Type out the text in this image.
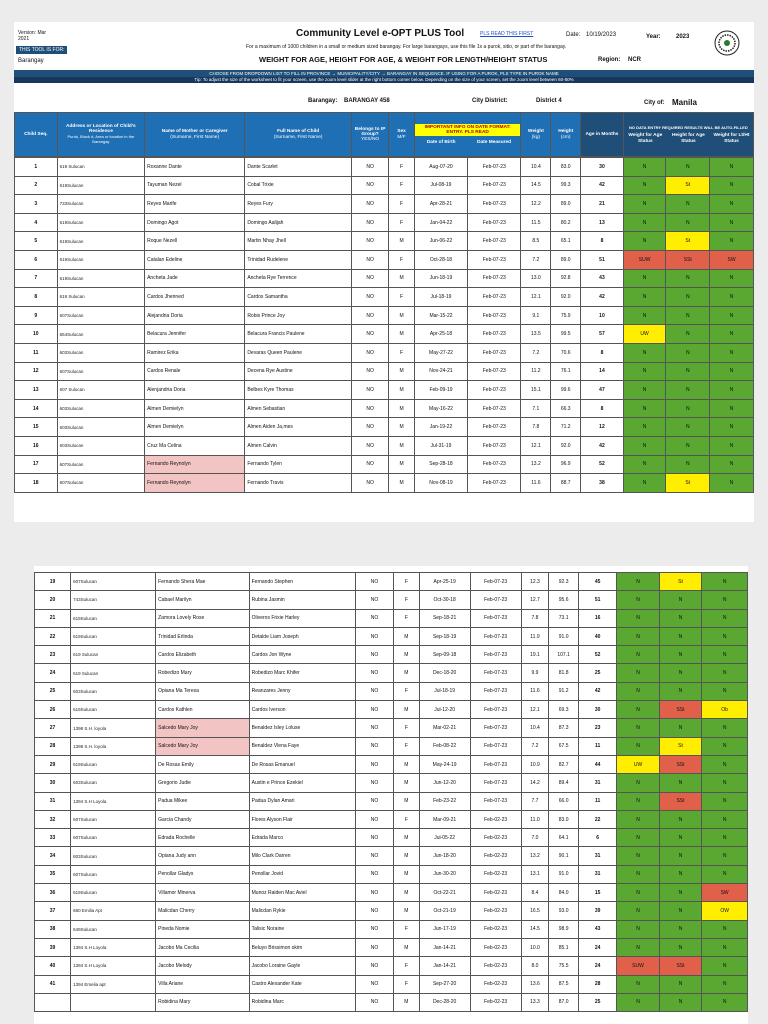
Version: Mar 2021
THIS TOOL IS FOR:
Barangay
Community Level e-OPT PLUS Tool	PLS READ THIS FIRST	Date: 10/19/2023	Year:	2023
For a maximum of 1000 children in a small or medium sized barangay. For large barangays, use this file 1x a purok, sitio, or part of the barangay.
WEIGHT FOR AGE, HEIGHT FOR AGE, & WEIGHT FOR LENGTH/HEIGHT STATUS	Region: NCR
CHOOSE FROM DROPDOWN LIST TO FILL IN PROVINCE → MUNICIPALITY/CITY → BARANGAY IN SEQUENCE. IF USING FOR A PUROK, PLS TYPE IN PUROK NAME
Tip: To adjust the size of the worksheet to fit your screen, use the zoom level slider at the right bottom corner below. Depending on the size of your screen, set the zoom level between 60-80%
Barangay: BARANGAY 458	City District:	District 4	City of: Manila
Child Seq.	Address or Location of Child's Residence
Purok, Block #, Area or location in the Barangay	Name of Mother or Caregiver
(Surname, First Name)	Full Name of Child
(Surname, First Name)	Belongs to IP Group?
YES/NO	Sex
M/F	
IMPORTANT INFO ON DATE FORMAT: ENTRY. PLS READ
Date of Birth	Date Measured
	Weight
(kg)	Height
(cm)	Age in Months	
NO DATA ENTRY REQUIRED RESULTS WILL BE AUTO-FILLED
Weight for Age Status
Height for Age Status
Weight for Lt/Ht Status
1	619 Sulucan	Roxanne Dante	Dante Scarlet	NO	F	Aug-07-20	Feb-07-23	10.4	83.0	30	N	N	N
2	619Sulucan	Tayuman Nezel	Cobal Trixie	NO	F	Jul-08-19	Feb-07-23	14.5	99.3	42	N	St	N
3	733Sulucan	Reyes Marife	Reyes Fury	NO	F	Apr-28-21	Feb-07-23	12.2	89.0	21	N	N	N
4	619Sulucan	Domingo Agot	Domingo Aalijah	NO	F	Jan-04-22	Feb-07-23	11.5	80.2	13	N	N	N
5	619Sulucan	Roque Nezell	Martin Nhay Jhell	NO	M	Jun-06-22	Feb-07-23	8.5	65.1	8	N	St	N
6	619Sulucan	Catalan Edeline	Trinidad Rudelene	NO	F	Oct-28-18	Feb-07-23	7.2	89.0	51	SUW	SSt	SW
7	619Sulucan	Ancheta Jade	Ancheta Rye Terrence	NO	M	Jun-18-19	Feb-07-23	13.0	92.8	43	N	N	N
8	619 Sulucan	Cardos Jhenned	Cardos Samantha	NO	F	Jul-18-19	Feb-07-23	12.1	92.0	42	N	N	N
9	607Sulucan	Alejandria Doria	Robis Prince Joy	NO	M	Mar-15-22	Feb-07-23	9.1	75.9	10	N	N	N
10	654Sulucan	Belacura Jennifer	Belacura Francis Paulene	NO	M	Apr-25-18	Feb-07-23	13.5	99.5	57	UW	N	N
11	603Sulucan	Ramirez Erika	Devaras Queen Paulene	NO	F	May-27-22	Feb-07-23	7.2	70.6	8	N	N	N
12	607Sulucan	Cardos Renale	Decena Rye Austine	NO	M	Nov-24-21	Feb-07-23	11.2	76.1	14	N	N	N
13	607 Sulucan	Alenjandria Doria	Belbes Kyre Thomas	NO	M	Feb-09-19	Feb-07-23	15.1	99.6	47	N	N	N
14	603Sulucan	Almen Demielyn	Almen Sebastian	NO	M	May-16-22	Feb-07-23	7.1	66.3	8	N	N	N
15	603Sulucan	Almen Demielyn	Almen Aiden Ja,mes	NO	M	Jan-19-22	Feb-07-23	7.8	71.2	12	N	N	N
16	603Sulucan	Cruz Ma Celina	Almen Calvin	NO	M	Jul-31-19	Feb-07-23	12.1	92.0	42	N	N	N
17	607Sulucan	Fernando Reynolyn	Fernando Tylen	NO	M	Sep-28-18	Feb-07-23	13.2	96.9	52	N	N	N
18	607Sulucan	Fernando Reynolyn	Fernando Travis	NO	M	Nov-08-19	Feb-07-23	11.6	88.7	38	N	St	N
19	607Sulucan	Fernando Shera Mae	Fernando Stephen	NO	F	Apr-25-19	Feb-07-23	12.3	92.3	45	N	St	N
20	743Sulucan	Cabael Marilyn	Rubina Jasmin	NO	F	Oct-30-18	Feb-07-23	12.7	95.6	51	N	N	N
21	619Sulucan	Zamora Lovely Rose	Oliveros Frixie Harley	NO	F	Sep-18-21	Feb-07-23	7.8	73.1	16	N	N	N
22	619Sulucan	Trinidad Erlinda	Detalde Liam Joseph	NO	M	Sep-18-19	Feb-07-23	11.9	91.0	40	N	N	N
23	619 Sulucan	Cardos Elizabeth	Cardos Jon Wyne	NO	M	Sep-09-18	Feb-07-23	19.1	107.1	52	N	N	N
24	619 Sulucan	Robedizo Mary	Robedizo Marc Khifer	NO	M	Dec-18-20	Feb-07-23	9.9	81.8	25	N	N	N
25	603Sulucan	Opiana Ma Teresa	Reanzares Jenny	NO	F	Jul-18-19	Feb-07-23	11.6	91.2	42	N	N	N
26	619Sulucan	Cardos Kathlen	Cardos Iverson	NO	M	Jul-12-20	Feb-07-23	12.1	69.3	30	N	SSt	Ob
27	1398 S.H. loyola	Salcedo Mary Joy	Benaldez Isley Loluse	NO	F	Mar-02-21	Feb-07-23	10.4	87.3	23	N	N	N
28	1398 S.H. loyola	Salcedo Mary Joy	Benaldez Vlena Faye	NO	F	Feb-08-22	Feb-07-23	7.2	67.5	11	N	St	N
29	619Sulucan	De Rosas Emily	De Rosas Emanuel	NO	M	May-24-19	Feb-07-23	10.9	82.7	44	UW	SSt	N
30	603Sulucan	Gregorio Judie	Austin e Prince Ezekiel	NO	M	Jun-12-20	Feb-07-23	14.2	89.4	31	N	N	N
31	1394 S.H Loyola	Padua Mikee	Padua Dylan Amari	NO	M	Feb-23-22	Feb-07-23	7.7	66.0	11	N	SSt	N
32	607Sulucan	Garcia Chandy	Flores Alyson Flair	NO	F	Mar-09-21	Feb-02-23	11.0	83.0	22	N	N	N
33	607Sulucan	Edrada Rochelle	Edrada Marco	NO	M	Jul-05-22	Feb-02-23	7.0	64.1	6	N	N	N
34	603Sulucan	Opiana Judy ann	Milo Clark Darren	NO	M	Jun-18-20	Feb-02-23	13.2	90.1	31	N	N	N
35	607Sulucan	Penollar Gladys	Penollar Jovid	NO	M	Jun-30-20	Feb-02-23	13.1	91.0	31	N	N	N
36	619Sulucan	Villamor Minerva	Munoz Raiden Mac Aviel	NO	M	Oct-22-21	Feb-02-23	8.4	84.0	15	N	N	SW
37	660 Emilia Apt	Malicdan Cherry	Malicdan Rykie	NO	M	Oct-21-19	Feb-02-23	16.5	93.0	39	N	N	OW
38	649Sulucan	Pineda Nomie	Talisic Noraine	NO	F	Jun-17-19	Feb-02-23	14.5	98.9	43	N	N	N
39	1394 S.H Loyola	Jacobo Ma Cecilia	Beluyo Brissimon okim	NO	M	Jan-14-21	Feb-02-23	10.0	85.1	24	N	N	N
40	1394 S.H Loyola	Jacobo Melody	Jacobo Loraine Gayle	NO	F	Jan-14-21	Feb-02-23	8.0	75.5	24	SUW	SSt	N
41	1394 Emelia apt	Villa Ariane	Castro Alexander Kate	NO	F	Sep-27-20	Feb-02-23	13.6	87.5	28	N	N	N
		Robidina Mary	Robidina Marc	NO	M	Dec-28-20	Feb-02-23	13.3	87.0	25	N	N	N
